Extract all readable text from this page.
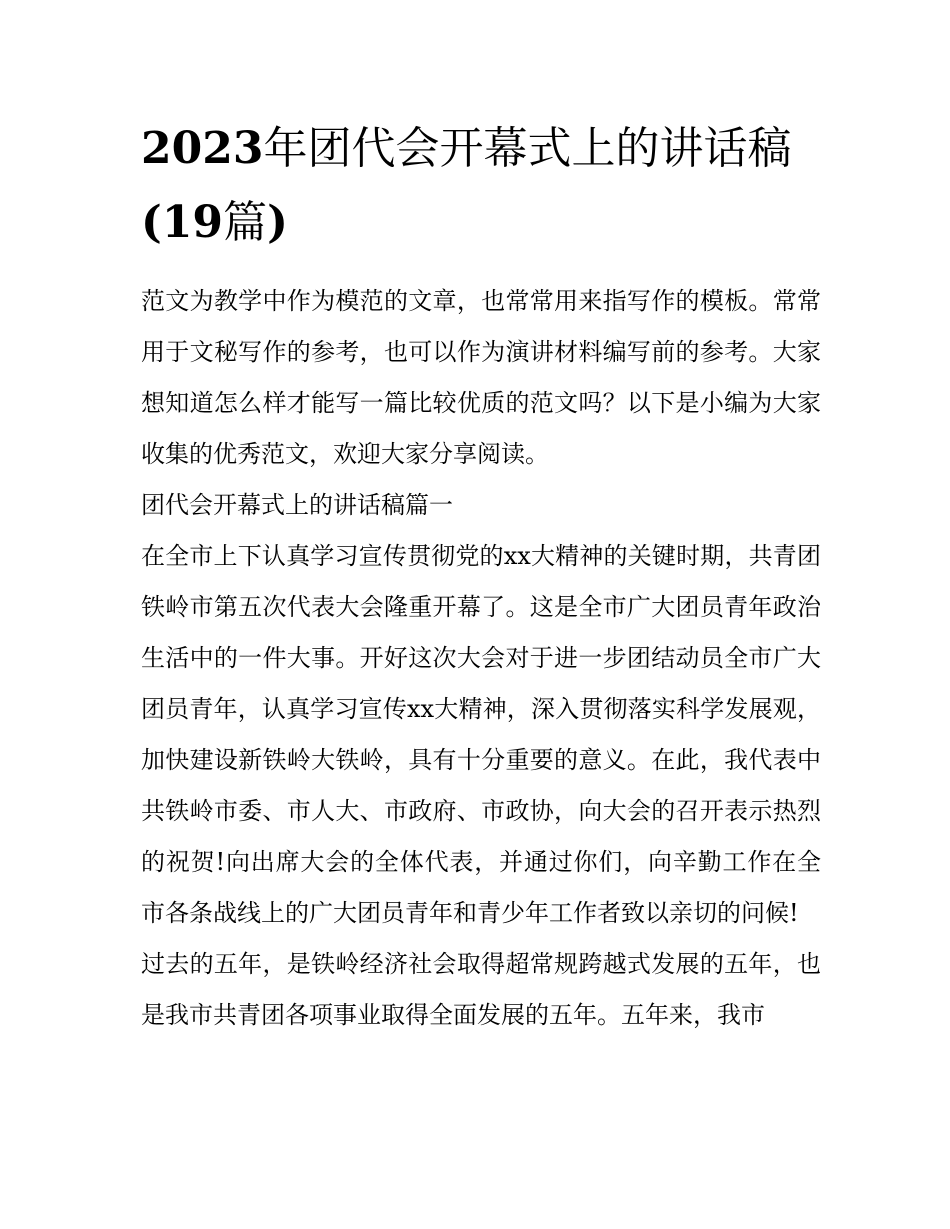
2023年团代会开幕式上的讲话稿(19篇)

范文为教学中作为模范的文章，也常常用来指写作的模板。常常用于文秘写作的参考，也可以作为演讲材料编写前的参考。大家想知道怎么样才能写一篇比较优质的范文吗？以下是小编为大家收集的优秀范文，欢迎大家分享阅读。

团代会开幕式上的讲话稿篇一

在全市上下认真学习宣传贯彻党的xx大精神的关键时期，共青团铁岭市第五次代表大会隆重开幕了。这是全市广大团员青年政治生活中的一件大事。开好这次大会对于进一步团结动员全市广大团员青年，认真学习宣传xx大精神，深入贯彻落实科学发展观，加快建设新铁岭大铁岭，具有十分重要的意义。在此，我代表中共铁岭市委、市人大、市政府、市政协，向大会的召开表示热烈的祝贺!向出席大会的全体代表，并通过你们，向辛勤工作在全市各条战线上的广大团员青年和青少年工作者致以亲切的问候!

过去的五年，是铁岭经济社会取得超常规跨越式发展的五年，也是我市共青团各项事业取得全面发展的五年。五年来，我市
